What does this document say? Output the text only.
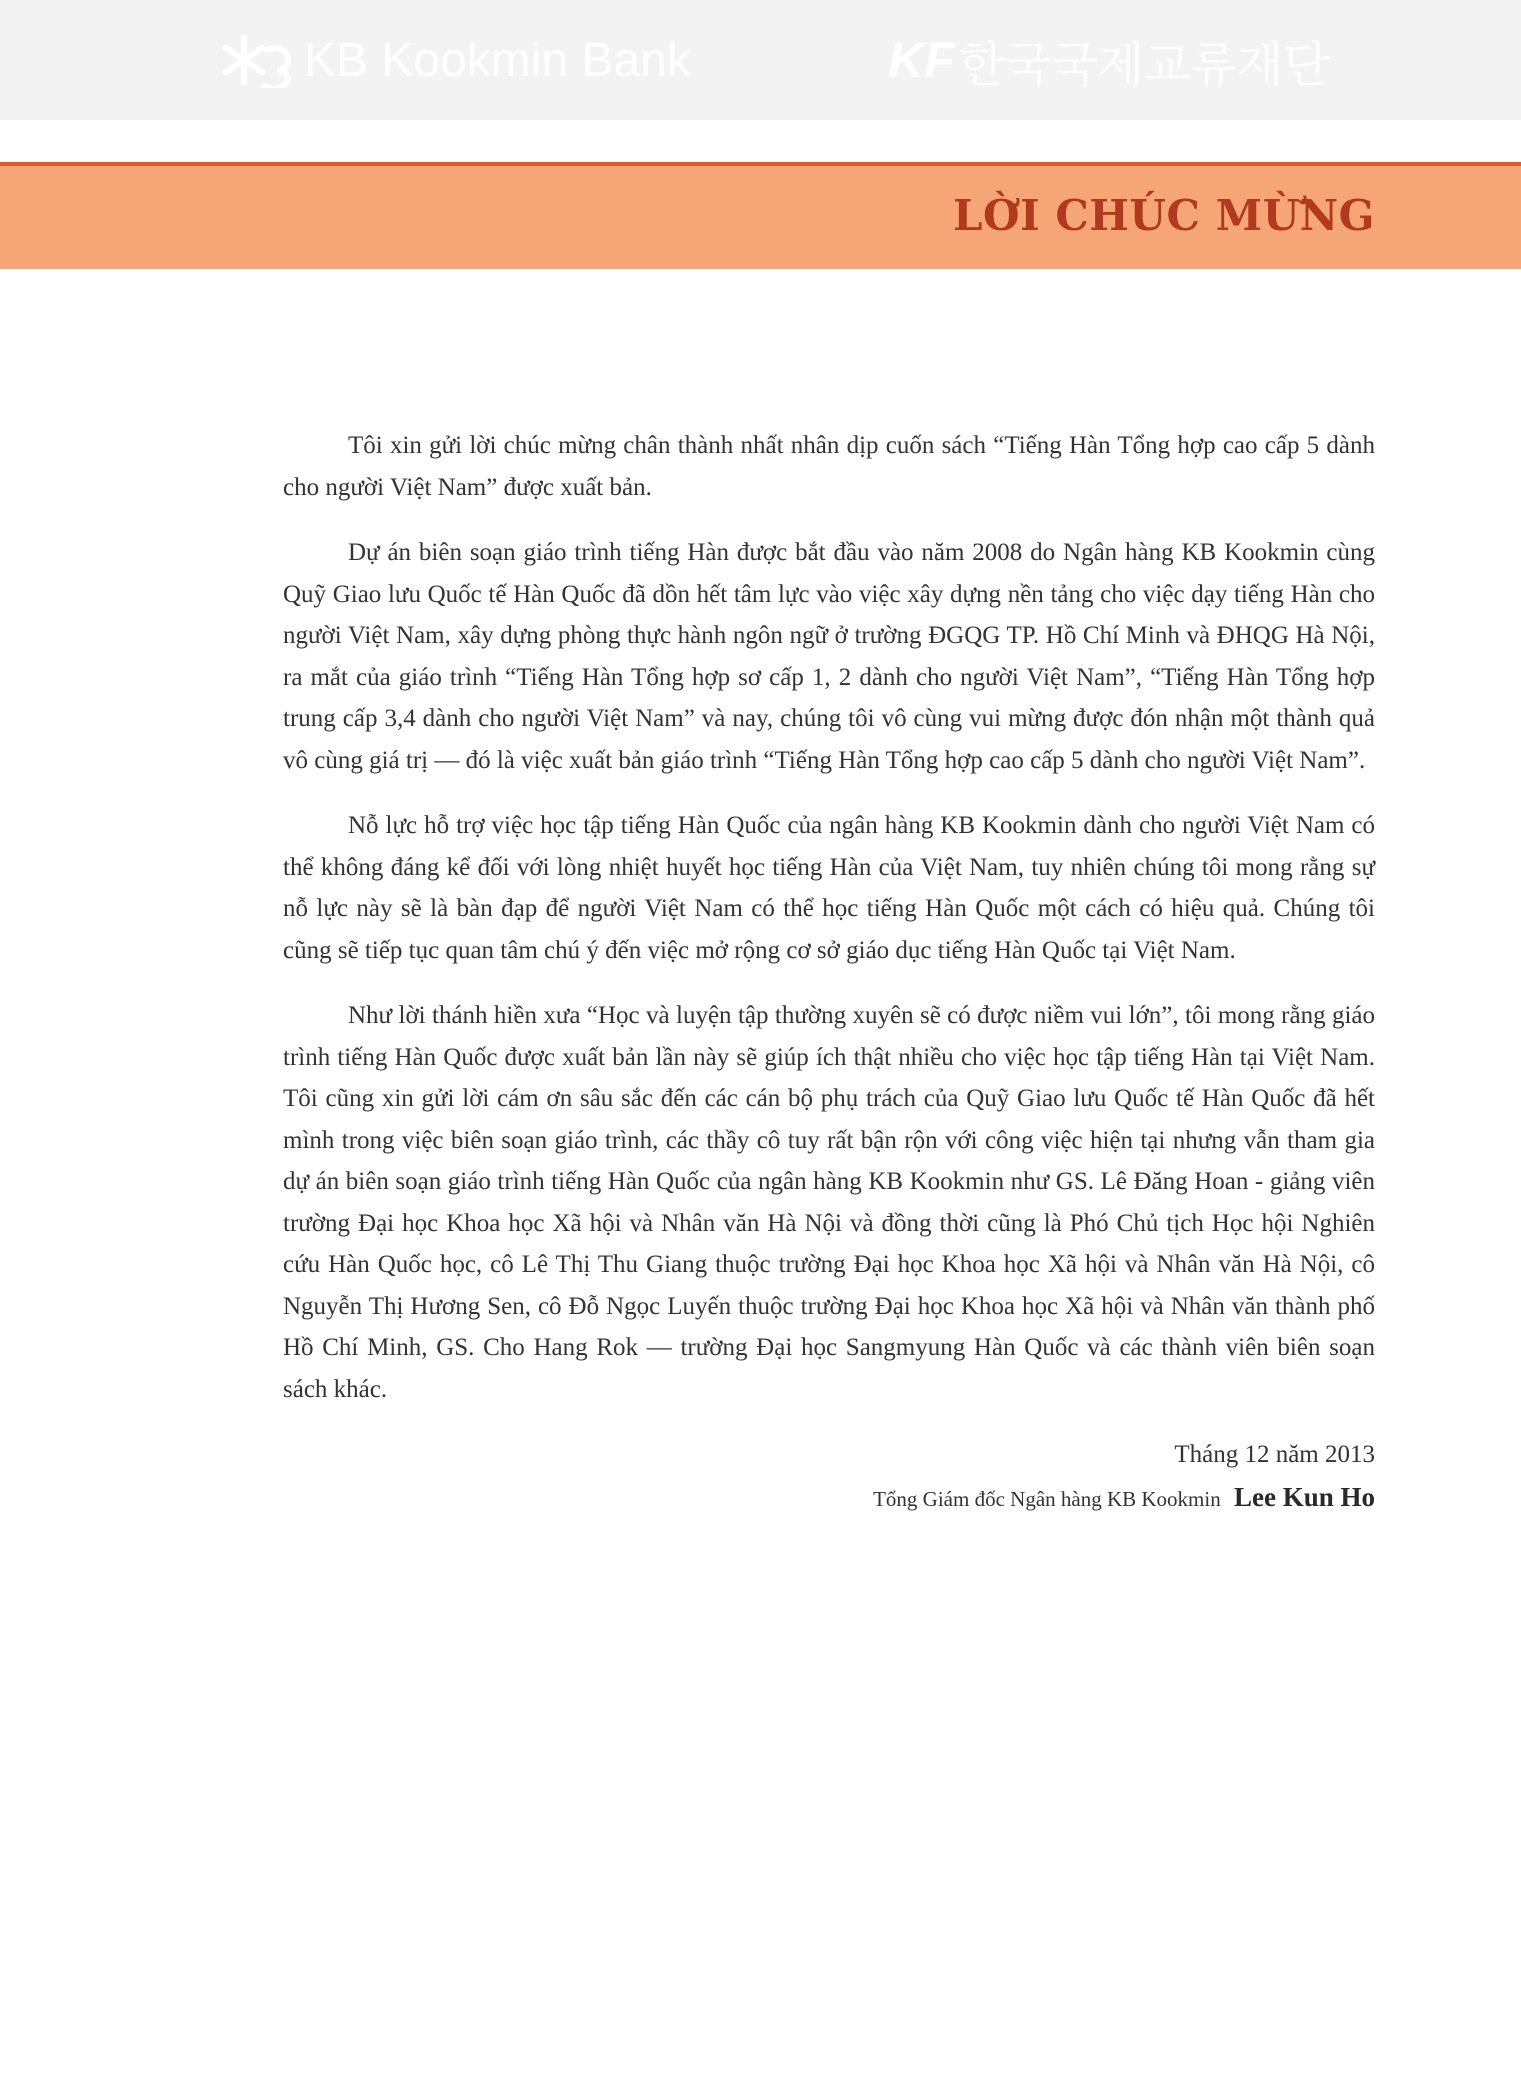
KB Kookmin Bank	KF 한국국제교류재단
LỜI CHÚC MỪNG

Tôi xin gửi lời chúc mừng chân thành nhất nhân dịp cuốn sách “Tiếng Hàn Tổng hợp cao cấp 5 dành cho người Việt Nam” được xuất bản.

Dự án biên soạn giáo trình tiếng Hàn được bắt đầu vào năm 2008 do Ngân hàng KB Kookmin cùng Quỹ Giao lưu Quốc tế Hàn Quốc đã dồn hết tâm lực vào việc xây dựng nền tảng cho việc dạy tiếng Hàn cho người Việt Nam, xây dựng phòng thực hành ngôn ngữ ở trường ĐGQG TP. Hồ Chí Minh và ĐHQG Hà Nội, ra mắt của giáo trình “Tiếng Hàn Tổng hợp sơ cấp 1, 2 dành cho người Việt Nam”, “Tiếng Hàn Tổng hợp trung cấp 3,4 dành cho người Việt Nam” và nay, chúng tôi vô cùng vui mừng được đón nhận một thành quả vô cùng giá trị — đó là việc xuất bản giáo trình “Tiếng Hàn Tổng hợp cao cấp 5 dành cho người Việt Nam”.

Nỗ lực hỗ trợ việc học tập tiếng Hàn Quốc của ngân hàng KB Kookmin dành cho người Việt Nam có thể không đáng kể đối với lòng nhiệt huyết học tiếng Hàn của Việt Nam, tuy nhiên chúng tôi mong rằng sự nỗ lực này sẽ là bàn đạp để người Việt Nam có thể học tiếng Hàn Quốc một cách có hiệu quả. Chúng tôi cũng sẽ tiếp tục quan tâm chú ý đến việc mở rộng cơ sở giáo dục tiếng Hàn Quốc tại Việt Nam.

Như lời thánh hiền xưa “Học và luyện tập thường xuyên sẽ có được niềm vui lớn”, tôi mong rằng giáo trình tiếng Hàn Quốc được xuất bản lần này sẽ giúp ích thật nhiều cho việc học tập tiếng Hàn tại Việt Nam. Tôi cũng xin gửi lời cám ơn sâu sắc đến các cán bộ phụ trách của Quỹ Giao lưu Quốc tế Hàn Quốc đã hết mình trong việc biên soạn giáo trình, các thầy cô tuy rất bận rộn với công việc hiện tại nhưng vẫn tham gia dự án biên soạn giáo trình tiếng Hàn Quốc của ngân hàng KB Kookmin như GS. Lê Đăng Hoan - giảng viên trường Đại học Khoa học Xã hội và Nhân văn Hà Nội và đồng thời cũng là Phó Chủ tịch Học hội Nghiên cứu Hàn Quốc học, cô Lê Thị Thu Giang thuộc trường Đại học Khoa học Xã hội và Nhân văn Hà Nội, cô Nguyễn Thị Hương Sen, cô Đỗ Ngọc Luyến thuộc trường Đại học Khoa học Xã hội và Nhân văn thành phố Hồ Chí Minh, GS. Cho Hang Rok — trường Đại học Sangmyung Hàn Quốc và các thành viên biên soạn sách khác.

Tháng 12 năm 2013
Tổng Giám đốc Ngân hàng KB Kookmin Lee Kun Ho
